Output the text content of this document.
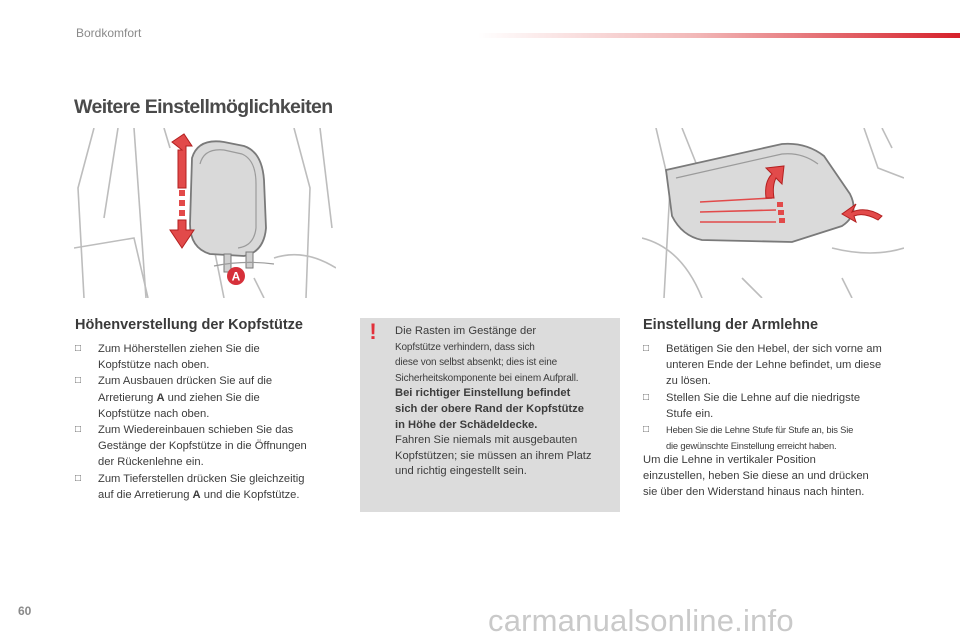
Bordkomfort
Weitere Einstellmöglichkeiten
A
Höhenverstellung der Kopfstütze
□ Zum Höherstellen ziehen Sie die
Kopfstütze nach oben.
□ Zum Ausbauen drücken Sie auf die
Arretierung A und ziehen Sie die
Kopfstütze nach oben.
□ Zum Wiedereinbauen schieben Sie das
Gestänge der Kopfstütze in die Öffnungen
der Rückenlehne ein.
□ Zum Tieferstellen drücken Sie gleichzeitig
auf die Arretierung A und die Kopfstütze.
!	Die Rasten im Gestänge der
Kopfstütze verhindern, dass sich
diese von selbst absenkt; dies ist eine
Sicherheitskomponente bei einem Aufprall.
Bei richtiger Einstellung befindet
sich der obere Rand der Kopfstütze
in Höhe der Schädeldecke.
Fahren Sie niemals mit ausgebauten
Kopfstützen; sie müssen an ihrem Platz
und richtig eingestellt sein.
Einstellung der Armlehne
□ Betätigen Sie den Hebel, der sich vorne am
unteren Ende der Lehne befindet, um diese
zu lösen.
□ Stellen Sie die Lehne auf die niedrigste
Stufe ein.
□ Heben Sie die Lehne Stufe für Stufe an, bis Sie
die gewünschte Einstellung erreicht haben.
Um die Lehne in vertikaler Position
einzustellen, heben Sie diese an und drücken
sie über den Widerstand hinaus nach hinten.
60	carmanualsonline.info
